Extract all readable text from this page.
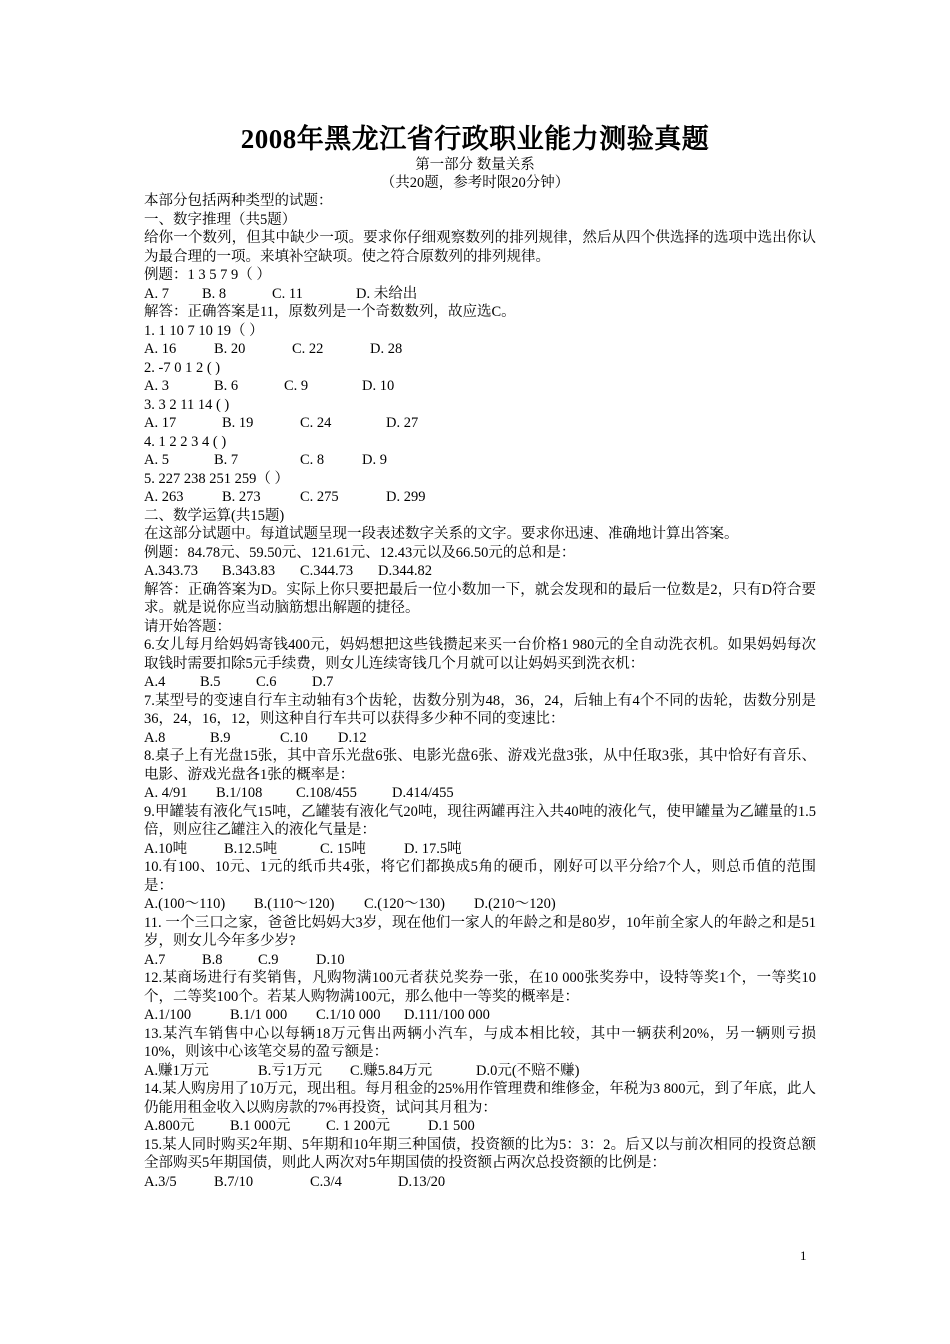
2008年黑龙江省行政职业能力测验真题
第一部分 数量关系
（共20题，参考时限20分钟）
本部分包括两种类型的试题：
一、数字推理（共5题）
给你一个数列，但其中缺少一项。要求你仔细观察数列的排列规律，然后从四个供选择的选项中选出你认为最合理的一项。来填补空缺项。使之符合原数列的排列规律。
例题：1 3 5 7 9（ ）
A. 7	B. 8	C. 11	D. 未给出
解答：正确答案是11，原数列是一个奇数数列，故应选C。
1. 1 10 7 10 19（ ）
A. 16	B. 20	C. 22	D. 28
2. -7 0 1 2 ( )
A. 3	B. 6	C. 9	D. 10
3. 3 2 11 14 ( )
A. 17	B. 19	C. 24	D. 27
4. 1 2 2 3 4 ( )
A. 5	B. 7	C. 8	D. 9
5. 227 238 251 259（ ）
A. 263	B. 273	C. 275	D. 299
二、数学运算(共15题)
在这部分试题中。每道试题呈现一段表述数字关系的文字。要求你迅速、准确地计算出答案。
例题：84.78元、59.50元、121.61元、12.43元以及66.50元的总和是：
A.343.73	B.343.83	C.344.73	D.344.82
解答：正确答案为D。实际上你只要把最后一位小数加一下，就会发现和的最后一位数是2，只有D符合要求。就是说你应当动脑筋想出解题的捷径。
请开始答题：
6.女儿每月给妈妈寄钱400元，妈妈想把这些钱攒起来买一台价格1 980元的全自动洗衣机。如果妈妈每次取钱时需要扣除5元手续费，则女儿连续寄钱几个月就可以让妈妈买到洗衣机：
A.4	B.5	C.6	D.7
7.某型号的变速自行车主动轴有3个齿轮，齿数分别为48，36，24，后轴上有4个不同的齿轮，齿数分别是36，24，16，12，则这种自行车共可以获得多少种不同的变速比：
A.8	B.9	C.10	D.12
8.桌子上有光盘15张，其中音乐光盘6张、电影光盘6张、游戏光盘3张，从中任取3张，其中恰好有音乐、电影、游戏光盘各1张的概率是：
A. 4/91	B.1/108	C.108/455	D.414/455
9.甲罐装有液化气15吨，乙罐装有液化气20吨，现往两罐再注入共40吨的液化气，使甲罐量为乙罐量的1.5倍，则应往乙罐注入的液化气量是：
A.10吨	B.12.5吨	C. 15吨	D. 17.5吨
10.有100、10元、1元的纸币共4张，将它们都换成5角的硬币，刚好可以平分给7个人，则总币值的范围是：
A.(100～110)	B.(110～120)	C.(120～130)	D.(210～120)
11. 一个三口之家，爸爸比妈妈大3岁，现在他们一家人的年龄之和是80岁，10年前全家人的年龄之和是51岁，则女儿今年多少岁?
A.7	B.8	C.9	D.10
12.某商场进行有奖销售，凡购物满100元者获兑奖券一张，在10 000张奖券中，设特等奖1个，一等奖10个，二等奖100个。若某人购物满100元，那么他中一等奖的概率是：
A.1/100	B.1/1 000	C.1/10 000	D.111/100 000
13.某汽车销售中心以每辆18万元售出两辆小汽车，与成本相比较，其中一辆获利20%，另一辆则亏损10%，则该中心该笔交易的盈亏额是：
A.赚1万元	B.亏1万元	C.赚5.84万元	D.0元(不赔不赚)
14.某人购房用了10万元，现出租。每月租金的25%用作管理费和维修金，年税为3 800元，到了年底，此人仍能用租金收入以购房款的7%再投资，试问其月租为：
A.800元	B.1 000元	C. 1 200元	D.1 500
15.某人同时购买2年期、5年期和10年期三种国债，投资额的比为5：3：2。后又以与前次相同的投资总额全部购买5年期国债，则此人两次对5年期国债的投资额占两次总投资额的比例是：
A.3/5	B.7/10	C.3/4	D.13/20
1
